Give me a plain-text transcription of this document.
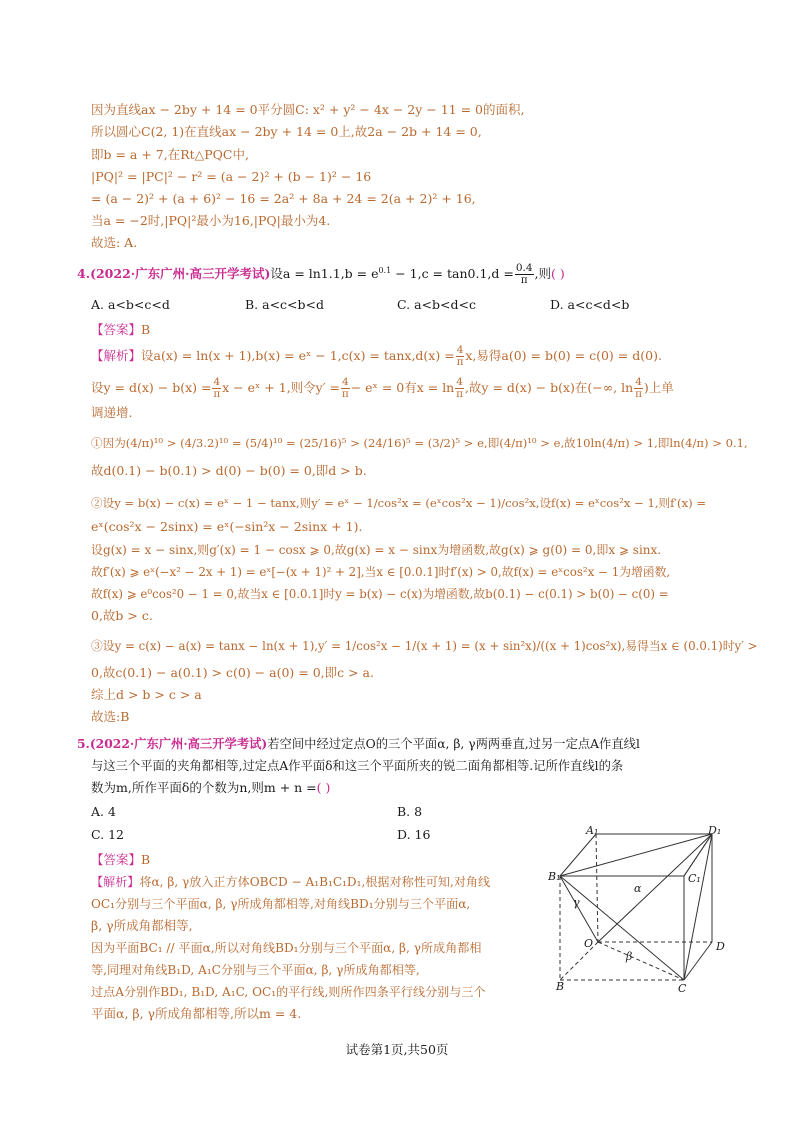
因为直线ax − 2by + 14 = 0平分圆C: x² + y² − 4x − 2y − 11 = 0的面积,
所以圆心C(2, 1)在直线ax − 2by + 14 = 0上,故2a − 2b + 14 = 0,
即b = a + 7,在Rt△PQC中,
|PQ|² = |PC|² − r² = (a − 2)² + (b − 1)² − 16
= (a − 2)² + (a + 6)² − 16 = 2a² + 8a + 24 = 2(a + 2)² + 16,
当a = −2时,|PQ|²最小为16,|PQ|最小为4.
故选: A.
4.(2022·广东广州·高三开学考试)设$a = \ln 1.1,b = e^{0.1} - 1,c = \tan 0.1,d = \frac{0.4}{\pi}$ ,则( )
A. a<b<c<d	B. a<c<b<d	C. a<b<d<c	D. a<c<d<b
【答案】B
【解析】设a(x) = ln(x + 1),b(x) = eˣ − $1,c(x) = \tan x,d(x) = \frac{4}{\pi} x$,易得a(0) = b(0) = c(0) = d(0).
设$y = d(x) - b(x) = \frac{4}{\pi}$ x − eˣ + 1,则令$y' = \frac{4}{\pi}$ − eˣ = 0有$x = \ln \frac{4}{\pi}$ ,故y = d(x) − b(x)在(−∞, $\ln \frac{4}{\pi}$ )上单
调递增.
①因为(4/π)¹⁰ > (4/3.2)¹⁰ = (5/4)¹⁰ = (25/16)⁵ > (24/16)⁵ = (3/2)⁵ > e,即(4/π)¹⁰ > e,故10ln(4/π) > 1,即ln(4/π) > 0.1,
故d(0.1) − b(0.1) > d(0) − b(0) = 0,即d > b.
②设y = b(x) − c(x) = eˣ − 1 − tanx,则y′ = eˣ − 1/cos²x = (eˣcos²x − 1)/cos²x,设f(x) = eˣcos²x − 1,则f′(x) =
eˣ(cos²x − 2sinx) = eˣ(−sin²x − 2sinx + 1).
设g(x) = x − sinx,则g′(x) = 1 − cosx ⩾ 0,故g(x) = x − sinx为增函数,故g(x) ⩾ g(0) = 0,即x ⩾ sinx.
故f′(x) ⩾ eˣ(−x² − 2x + 1) = eˣ[−(x + 1)² + 2],当x ∈ [0.0.1]时f′(x) > 0,故f(x) = eˣcos²x − 1为增函数,
故f(x) ⩾ e⁰cos²0 − 1 = 0,故当x ∈ [0.0.1]时y = b(x) − c(x)为增函数,故b(0.1) − c(0.1) > b(0) − c(0) =
0,故b > c.
③设y = c(x) − a(x) = tanx − ln(x + 1),y′ = 1/cos²x − 1/(x + 1) = (x + sin²x)/((x + 1)cos²x),易得当x ∈ (0.0.1)时y′ >
0,故c(0.1) − a(0.1) > c(0) − a(0) = 0,即c > a.
综上d > b > c > a
故选:B
5.(2022·广东广州·高三开学考试)若空间中经过定点O的三个平面α, β, γ两两垂直,过另一定点A作直线l
与这三个平面的夹角都相等,过定点A作平面δ和这三个平面所夹的锐二面角都相等.记所作直线l的条
数为m,所作平面δ的个数为n,则m + n =( )
A. 4	B. 8
C. 12	D. 16
【答案】B
【解析】将α, β, γ放入正方体OBCD − A₁B₁C₁D₁,根据对称性可知,对角线
OC₁分别与三个平面α, β, γ所成角都相等,对角线BD₁分别与三个平面α,
β, γ所成角都相等,
因为平面BC₁ // 平面α,所以对角线BD₁分别与三个平面α, β, γ所成角都相
等,同理对角线B₁D, A₁C分别与三个平面α, β, γ所成角都相等,
过点A分别作BD₁, B₁D, A₁C, OC₁的平行线,则所作四条平行线分别与三个
平面α, β, γ所成角都相等,所以m = 4.
A₁	D₁
B₁	C₁
O	D
B	C
α
β
γ
试卷第1页,共50页
